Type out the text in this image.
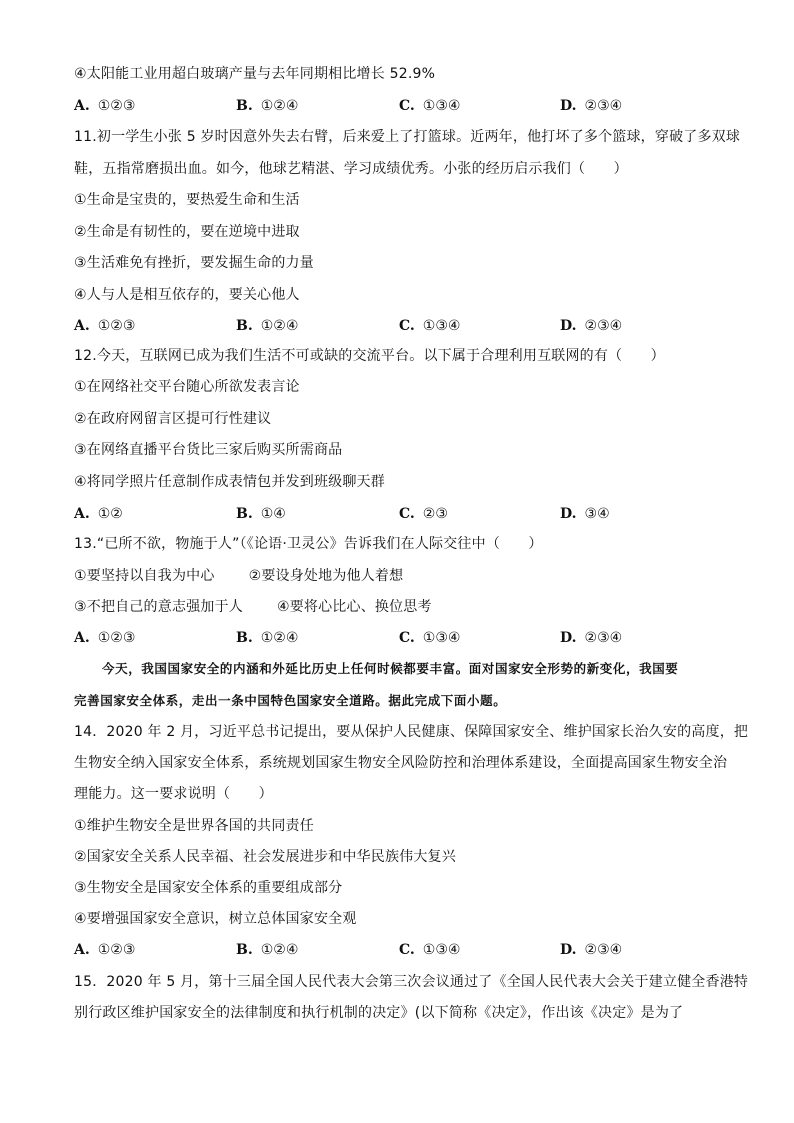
④太阳能工业用超白玻璃产量与去年同期相比增长 52.9%
A. ①②③	B. ①②④	C. ①③④	D. ②③④
11.初一学生小张 5 岁时因意外失去右臂，后来爱上了打篮球。近两年，他打坏了多个篮球，穿破了多双球
鞋，五指常磨损出血。如今，他球艺精湛、学习成绩优秀。小张的经历启示我们（　　）
①生命是宝贵的，要热爱生命和生活
②生命是有韧性的，要在逆境中进取
③生活难免有挫折，要发掘生命的力量
④人与人是相互依存的，要关心他人
A. ①②③	B. ①②④	C. ①③④	D. ②③④
12.今天，互联网已成为我们生活不可或缺的交流平台。以下属于合理利用互联网的有（　　）
①在网络社交平台随心所欲发表言论
②在政府网留言区提可行性建议
③在网络直播平台货比三家后购买所需商品
④将同学照片任意制作成表情包并发到班级聊天群
A. ①②	B. ①④	C. ②③	D. ③④
13.“已所不欲，物施于人”（《论语·卫灵公》告诉我们在人际交往中（　　）
①要坚持以自我为中心 ②要设身处地为他人着想
③不把自己的意志强加于人 ④要将心比心、换位思考
A. ①②③	B. ①②④	C. ①③④	D. ②③④
今天，我国国家安全的内涵和外延比历史上任何时候都要丰富。面对国家安全形势的新变化，我国要
完善国家安全体系，走出一条中国特色国家安全道路。据此完成下面小题。
14．2020 年 2 月，习近平总书记提出，要从保护人民健康、保障国家安全、维护国家长治久安的高度，把
生物安全纳入国家安全体系，系统规划国家生物安全风险防控和治理体系建设，全面提高国家生物安全治
理能力。这一要求说明（　　）
①维护生物安全是世界各国的共同责任
②国家安全关系人民幸福、社会发展进步和中华民族伟大复兴
③生物安全是国家安全体系的重要组成部分
④要增强国家安全意识，树立总体国家安全观
A. ①②③	B. ①②④	C. ①③④	D. ②③④
15．2020 年 5 月，第十三届全国人民代表大会第三次会议通过了《全国人民代表大会关于建立健全香港特
别行政区维护国家安全的法律制度和执行机制的决定》(以下简称《决定》，作出该《决定》是为了
